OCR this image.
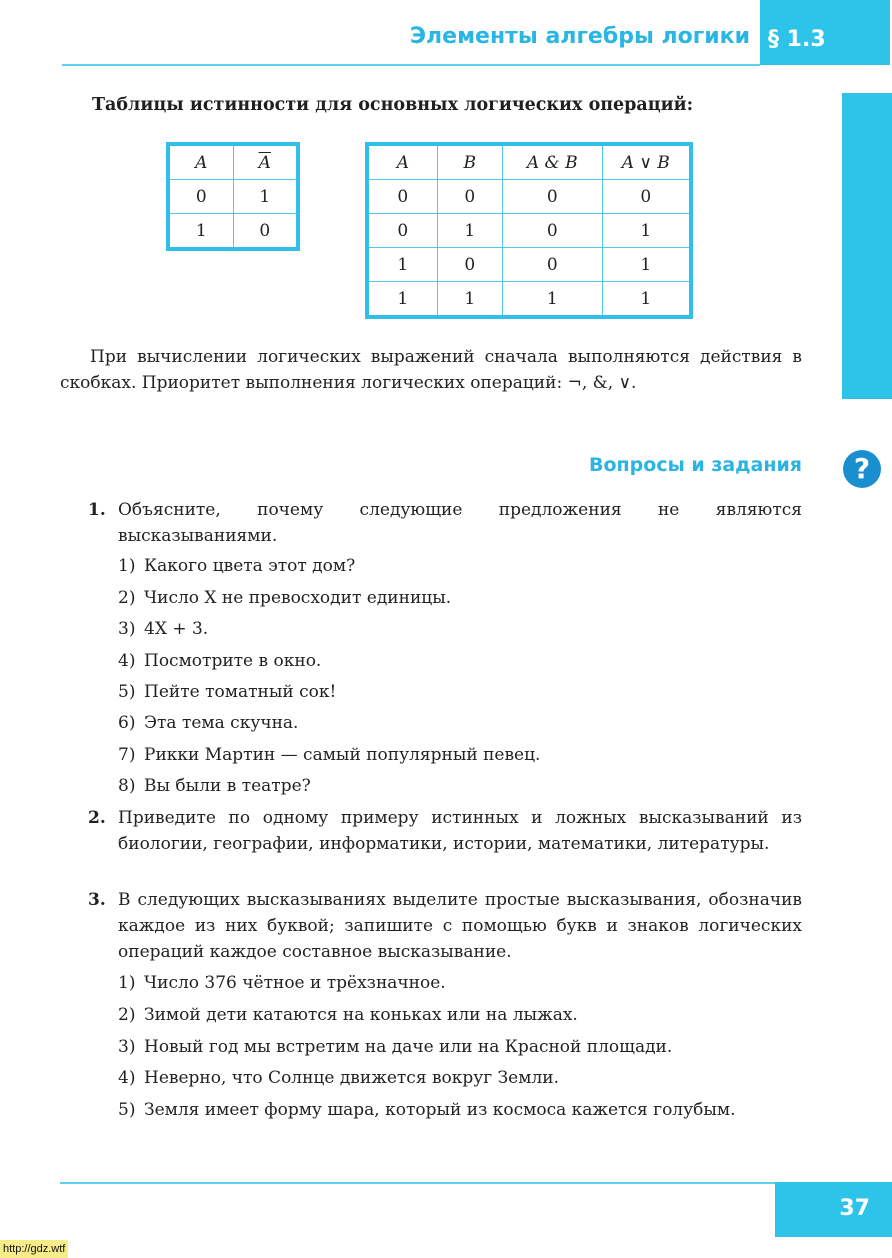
Элементы алгебры логики § 1.3
Таблицы истинности для основных логических операций:
A	$\overline{A}$
0	1
1	0
A	B	A & B	A ∨ B
0	0	0	0
0	1	0	1
1	0	0	1
1	1	1	1
При вычислении логических выражений сначала выполняются действия в скобках. Приоритет выполнения логических операций: ¬, &, ∨.
Вопросы и задания	?
1. Объясните, почему следующие предложения не являются высказываниями.
1) Какого цвета этот дом?
2) Число X не превосходит единицы.
3) 4X + 3.
4) Посмотрите в окно.
5) Пейте томатный сок!
6) Эта тема скучна.
7) Рикки Мартин — самый популярный певец.
8) Вы были в театре?
2. Приведите по одному примеру истинных и ложных высказываний из биологии, географии, информатики, истории, математики, литературы.
3. В следующих высказываниях выделите простые высказывания, обозначив каждое из них буквой; запишите с помощью букв и знаков логических операций каждое составное высказывание.
1) Число 376 чётное и трёхзначное.
2) Зимой дети катаются на коньках или на лыжах.
3) Новый год мы встретим на даче или на Красной площади.
4) Неверно, что Солнце движется вокруг Земли.
5) Земля имеет форму шара, который из космоса кажется голубым.
37
http://gdz.wtf
